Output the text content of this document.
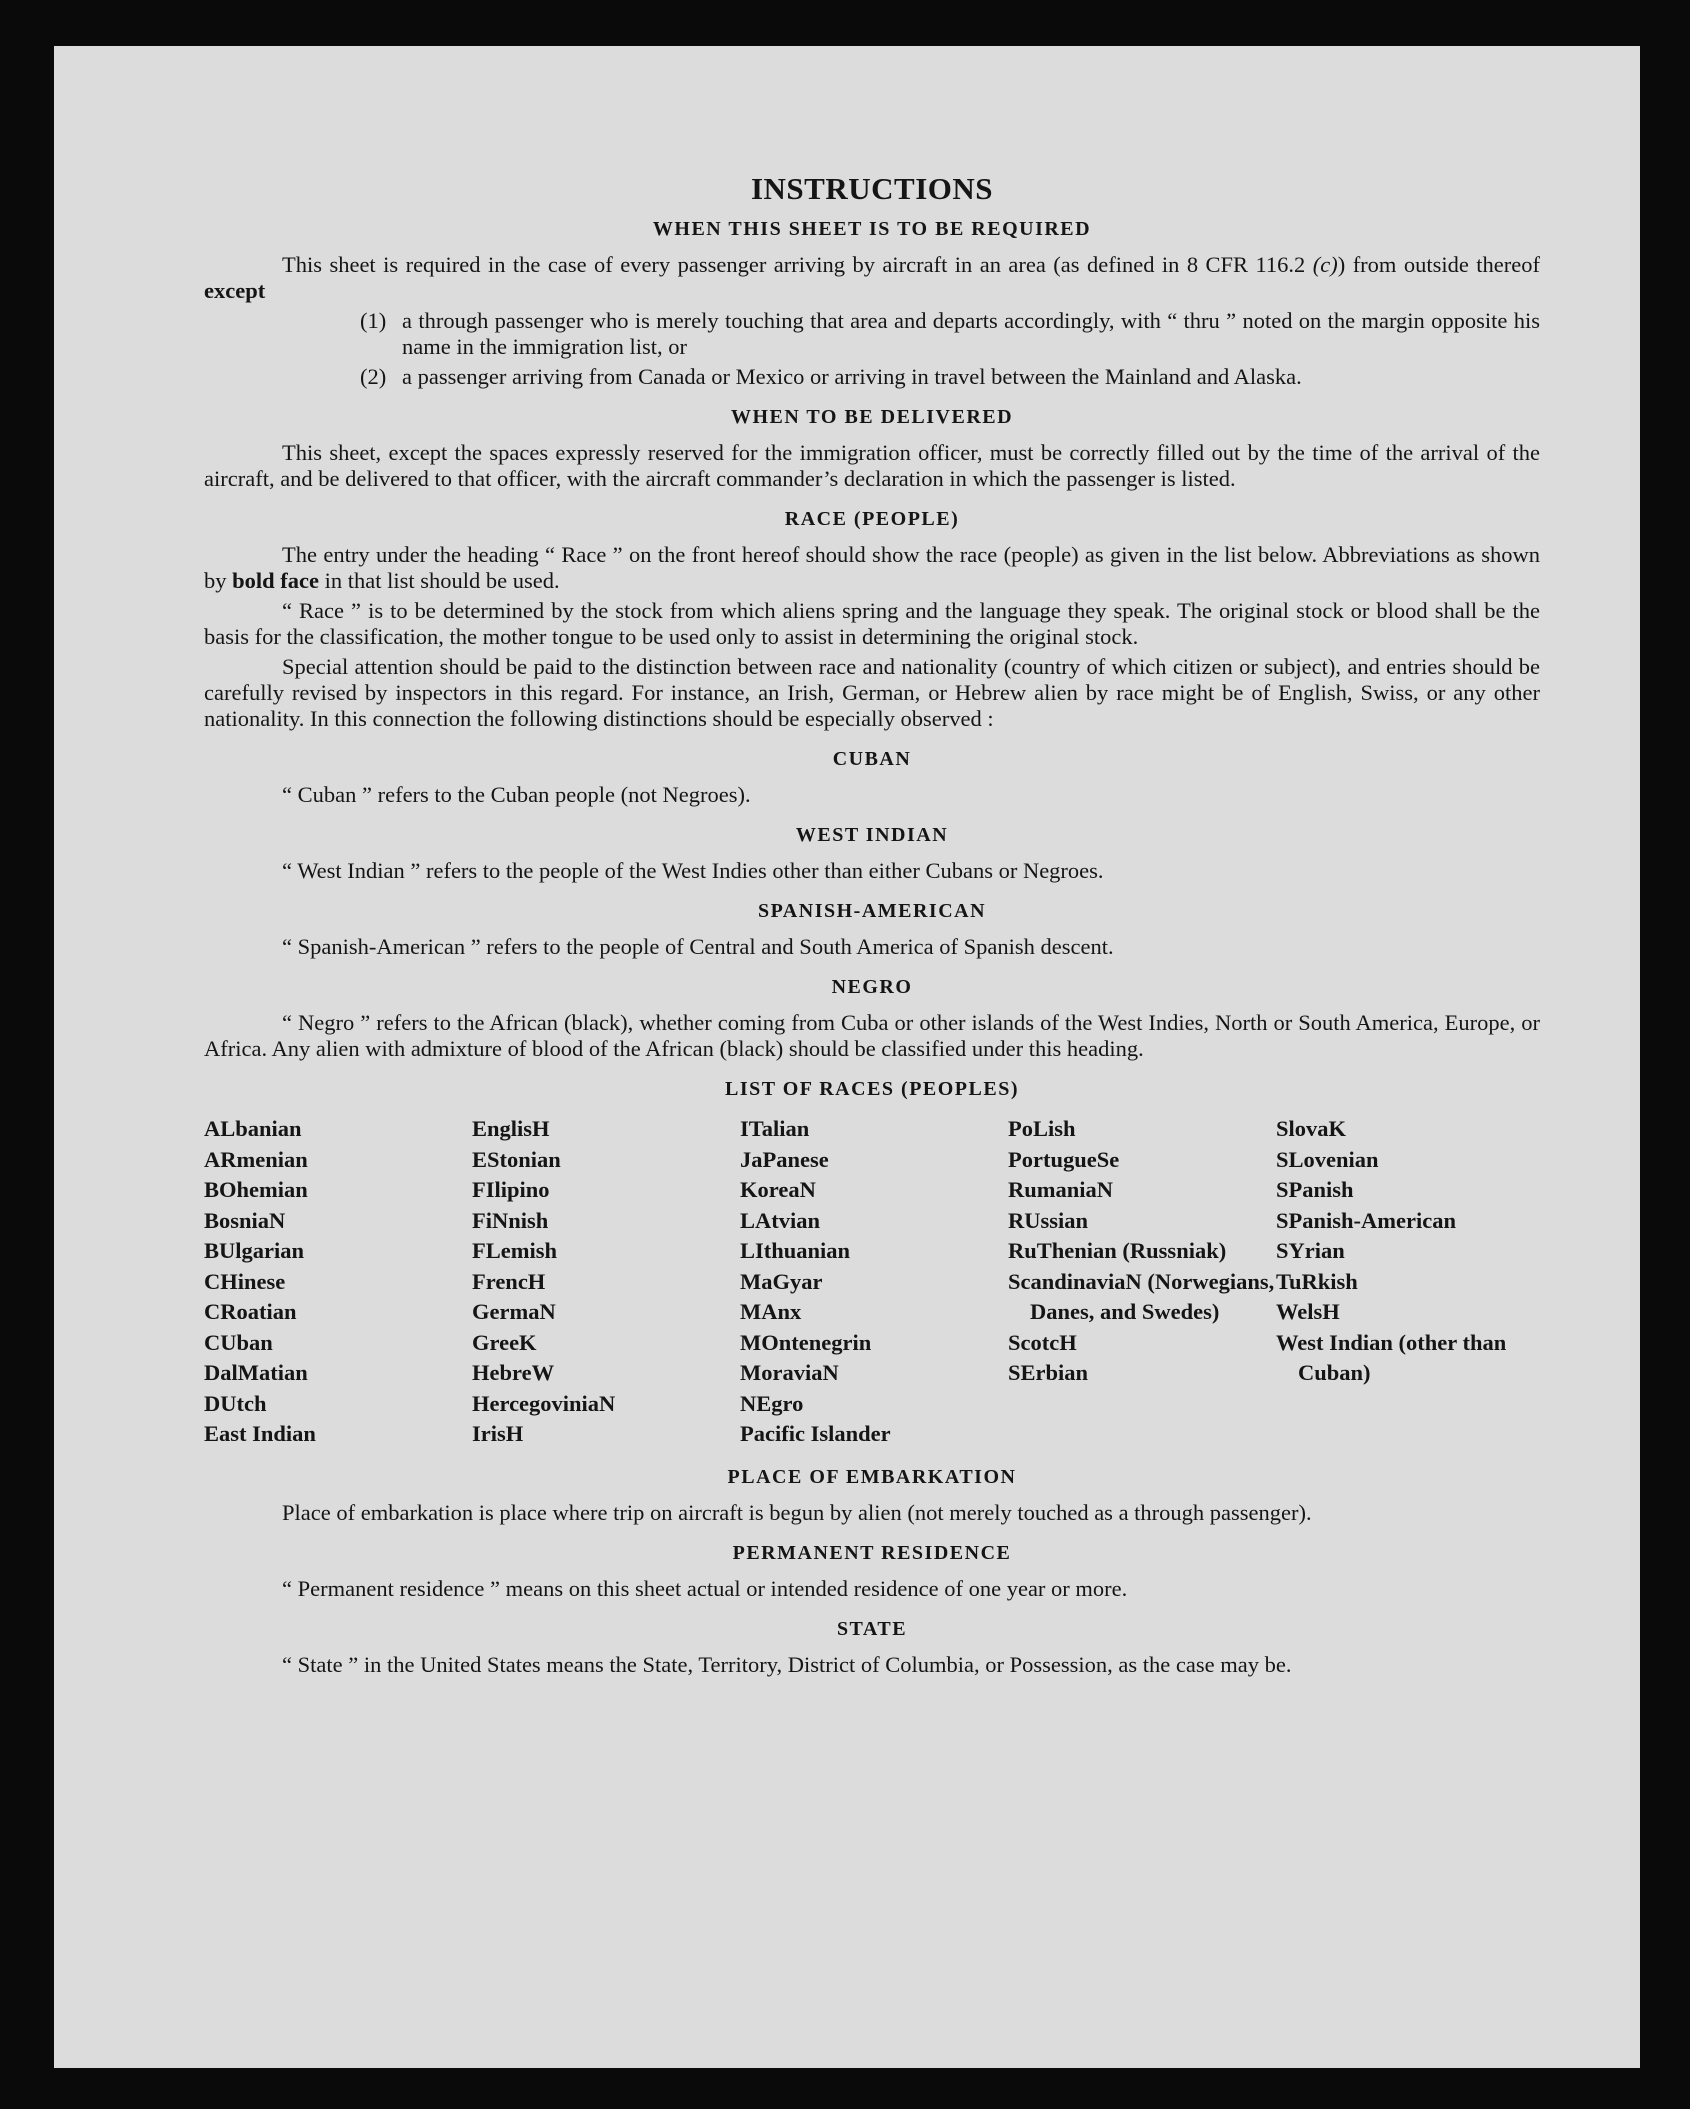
INSTRUCTIONS
WHEN THIS SHEET IS TO BE REQUIRED

This sheet is required in the case of every passenger arriving by aircraft in an area (as defined in 8 CFR 116.2 (c)) from outside thereof except

(1) a through passenger who is merely touching that area and departs accordingly, with “ thru ” noted on the margin opposite his name in the immigration list, or
(2) a passenger arriving from Canada or Mexico or arriving in travel between the Mainland and Alaska.
WHEN TO BE DELIVERED

This sheet, except the spaces expressly reserved for the immigration officer, must be correctly filled out by the time of the arrival of the aircraft, and be delivered to that officer, with the aircraft commander’s declaration in which the passenger is listed.

RACE (PEOPLE)

The entry under the heading “ Race ” on the front hereof should show the race (people) as given in the list below. Abbreviations as shown by bold face in that list should be used.

“ Race ” is to be determined by the stock from which aliens spring and the language they speak. The original stock or blood shall be the basis for the classification, the mother tongue to be used only to assist in determining the original stock.

Special attention should be paid to the distinction between race and nationality (country of which citizen or subject), and entries should be carefully revised by inspectors in this regard. For instance, an Irish, German, or Hebrew alien by race might be of English, Swiss, or any other nationality. In this connection the following distinctions should be especially observed :

CUBAN

“ Cuban ” refers to the Cuban people (not Negroes).

WEST INDIAN

“ West Indian ” refers to the people of the West Indies other than either Cubans or Negroes.

SPANISH-AMERICAN

“ Spanish-American ” refers to the people of Central and South America of Spanish descent.

NEGRO

“ Negro ” refers to the African (black), whether coming from Cuba or other islands of the West Indies, North or South America, Europe, or Africa. Any alien with admixture of blood of the African (black) should be classified under this heading.

LIST OF RACES (PEOPLES)
ALbanian
ARmenian
BOhemian
BosniaN
BUlgarian
CHinese
CRoatian
CUban
DalMatian
DUtch
East Indian
EnglisH
EStonian
FIlipino
FiNnish
FLemish
FrencH
GermaN
GreeK
HebreW
HercegoviniaN
IrisH
ITalian
JaPanese
KoreaN
LAtvian
LIthuanian
MaGyar
MAnx
MOntenegrin
MoraviaN
NEgro
Pacific Islander
PoLish
PortugueSe
RumaniaN
RUssian
RuThenian (Russniak)
ScandinaviaN (Norwegians, Danes, and Swedes)
ScotcH
SErbian
SlovaK
SLovenian
SPanish
SPanish-American
SYrian
TuRkish
WelsH
West Indian (other than Cuban)
PLACE OF EMBARKATION

Place of embarkation is place where trip on aircraft is begun by alien (not merely touched as a through passenger).

PERMANENT RESIDENCE

“ Permanent residence ” means on this sheet actual or intended residence of one year or more.

STATE

“ State ” in the United States means the State, Territory, District of Columbia, or Possession, as the case may be.
